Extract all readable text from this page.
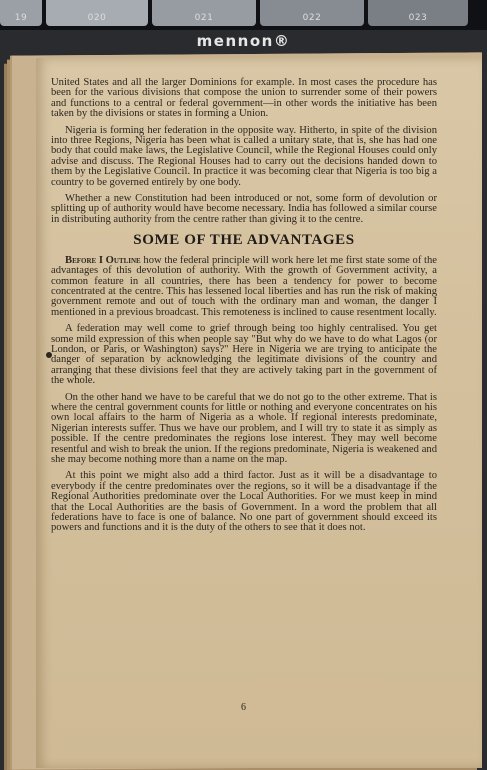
19	020	021	022	023
mennon®

United States and all the larger Dominions for example. In most cases the procedure has been for the various divisions that compose the union to surrender some of their powers and functions to a central or federal government—in other words the initiative has been taken by the divisions or states in forming a Union.

Nigeria is forming her federation in the opposite way. Hitherto, in spite of the division into three Regions, Nigeria has been what is called a unitary state, that is, she has had one body that could make laws, the Legislative Council, while the Regional Houses could only advise and discuss. The Regional Houses had to carry out the decisions handed down to them by the Legislative Council. In practice it was becoming clear that Nigeria is too big a country to be governed entirely by one body.

Whether a new Constitution had been introduced or not, some form of devolution or splitting up of authority would have become necessary. India has followed a similar course in distributing authority from the centre rather than giving it to the centre.

SOME OF THE ADVANTAGES

Before I Outline how the federal principle will work here let me first state some of the advantages of this devolution of authority. With the growth of Government activity, a common feature in all countries, there has been a tendency for power to become concentrated at the centre. This has lessened local liberties and has run the risk of making government remote and out of touch with the ordinary man and woman, the danger I mentioned in a previous broadcast. This remoteness is inclined to cause resentment locally.

A federation may well come to grief through being too highly centralised. You get some mild expression of this when people say "But why do we have to do what Lagos (or London, or Paris, or Washington) says?" Here in Nigeria we are trying to anticipate the danger of separation by acknowledging the legitimate divisions of the country and arranging that these divisions feel that they are actively taking part in the government of the whole.

On the other hand we have to be careful that we do not go to the other extreme. That is where the central government counts for little or nothing and everyone concentrates on his own local affairs to the harm of Nigeria as a whole. If regional interests predominate, Nigerian interests suffer. Thus we have our problem, and I will try to state it as simply as possible. If the centre predominates the regions lose interest. They may well become resentful and wish to break the union. If the regions predominate, Nigeria is weakened and she may become nothing more than a name on the map.

At this point we might also add a third factor. Just as it will be a disadvantage to everybody if the centre predominates over the regions, so it will be a disadvantage if the Regional Authorities predominate over the Local Authorities. For we must keep in mind that the Local Authorities are the basis of Government. In a word the problem that all federations have to face is one of balance. No one part of government should exceed its powers and functions and it is the duty of the others to see that it does not.

6
